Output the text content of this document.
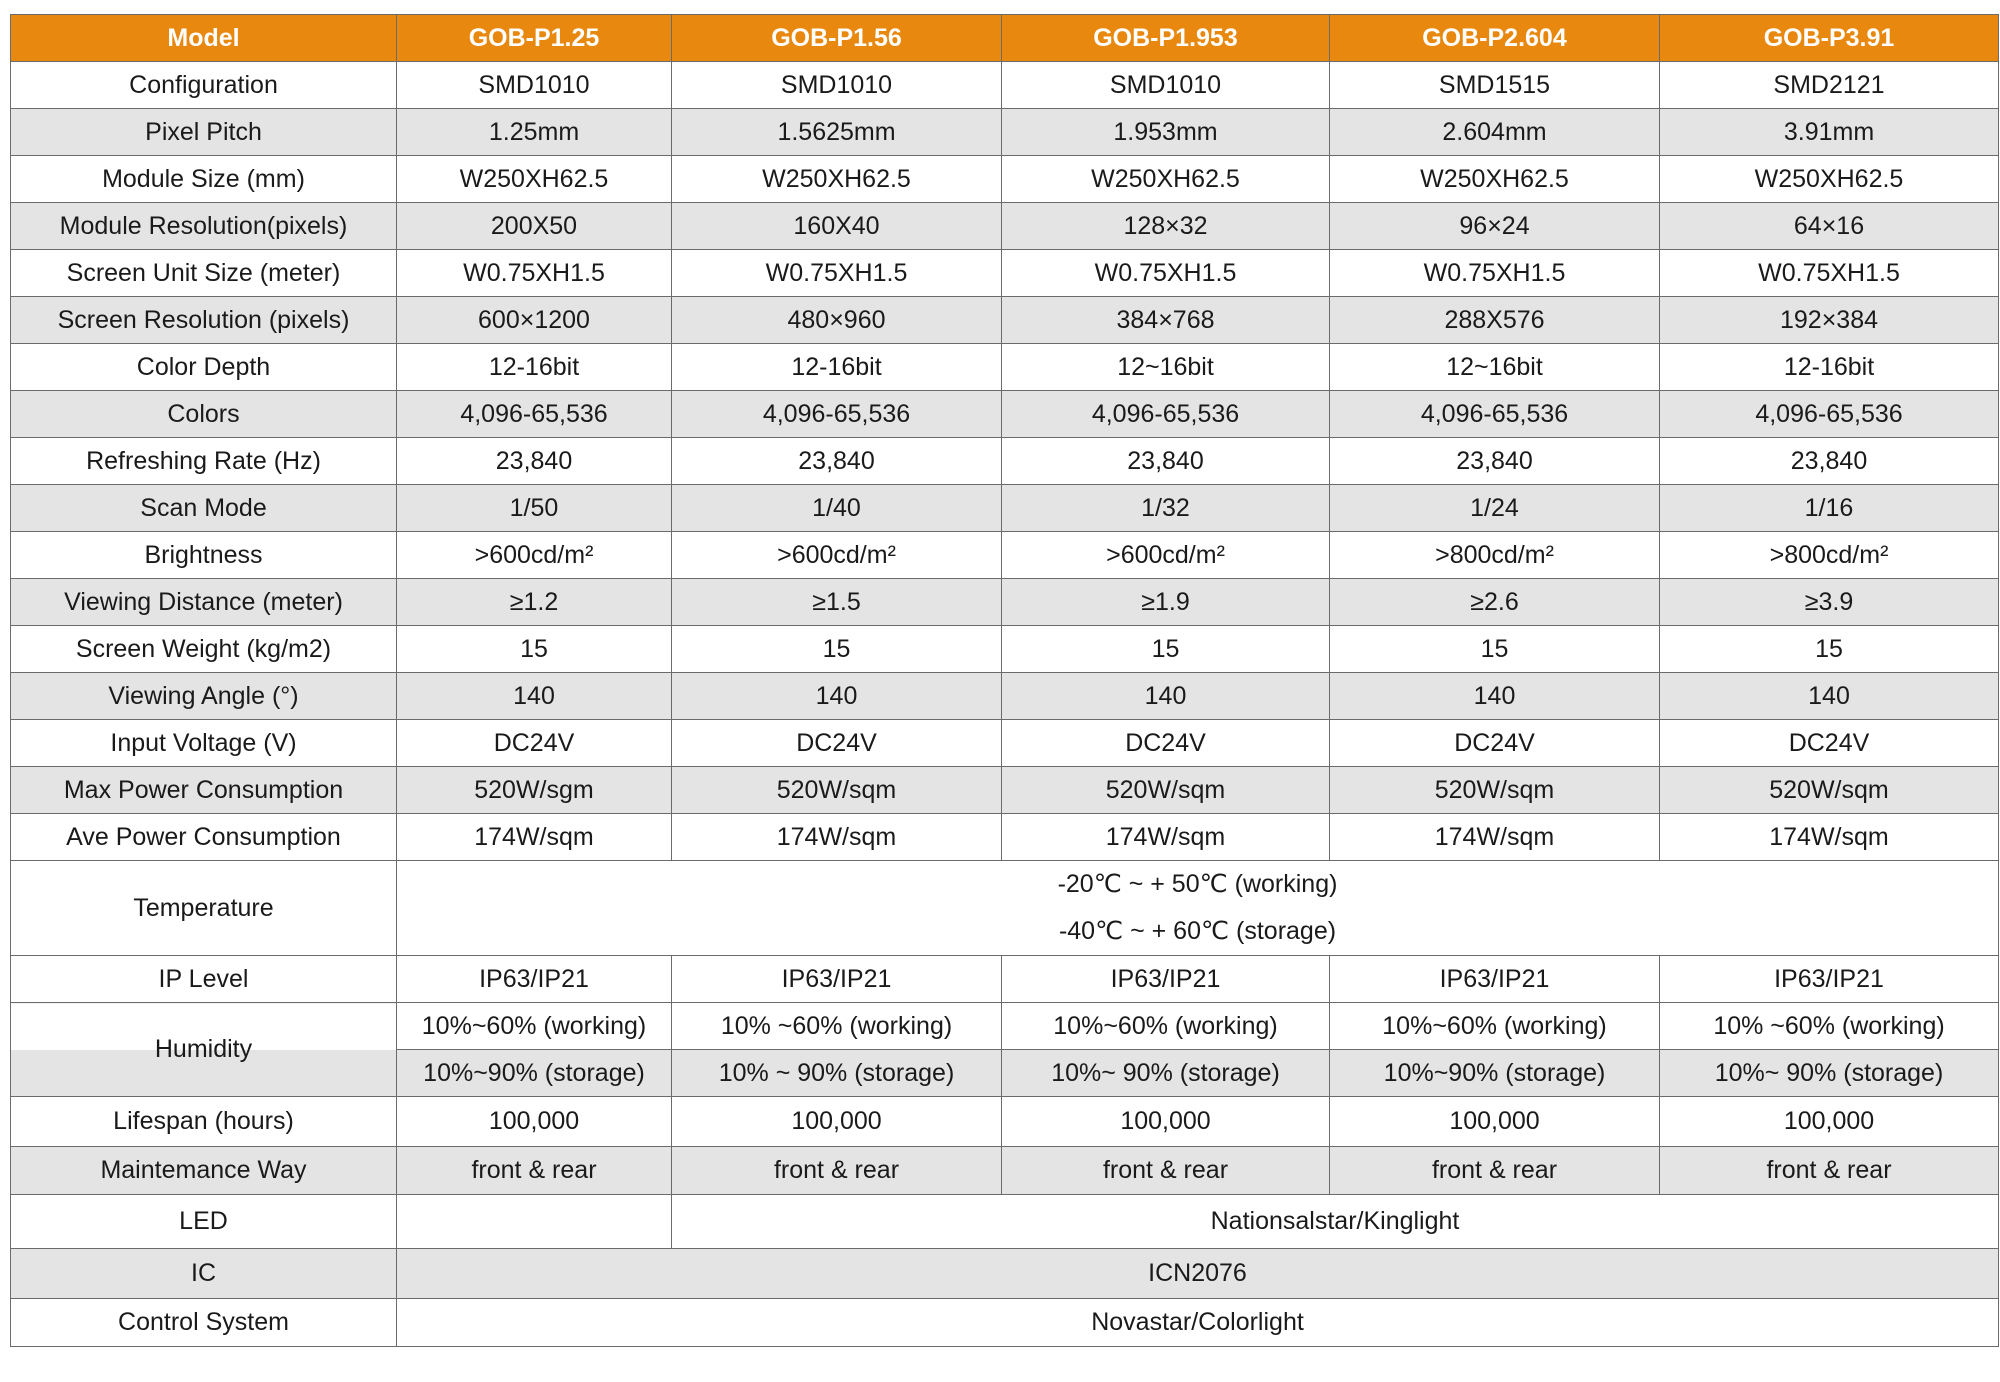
Model	GOB-P1.25	GOB-P1.56	GOB-P1.953	GOB-P2.604	GOB-P3.91
Configuration	SMD1010	SMD1010	SMD1010	SMD1515	SMD2121
Pixel Pitch	1.25mm	1.5625mm	1.953mm	2.604mm	3.91mm
Module Size (mm)	W250XH62.5	W250XH62.5	W250XH62.5	W250XH62.5	W250XH62.5
Module Resolution(pixels)	200X50	160X40	128×32	96×24	64×16
Screen Unit Size (meter)	W0.75XH1.5	W0.75XH1.5	W0.75XH1.5	W0.75XH1.5	W0.75XH1.5
Screen Resolution (pixels)	600×1200	480×960	384×768	288X576	192×384
Color Depth	12-16bit	12-16bit	12~16bit	12~16bit	12-16bit
Colors	4,096-65,536	4,096-65,536	4,096-65,536	4,096-65,536	4,096-65,536
Refreshing Rate (Hz)	23,840	23,840	23,840	23,840	23,840
Scan Mode	1/50	1/40	1/32	1/24	1/16
Brightness	>600cd/m²	>600cd/m²	>600cd/m²	>800cd/m²	>800cd/m²
Viewing Distance (meter)	≥1.2	≥1.5	≥1.9	≥2.6	≥3.9
Screen Weight (kg/m2)	15	15	15	15	15
Viewing Angle (°)	140	140	140	140	140
Input Voltage (V)	DC24V	DC24V	DC24V	DC24V	DC24V
Max Power Consumption	520W/sgm	520W/sqm	520W/sqm	520W/sqm	520W/sqm
Ave Power Consumption	174W/sqm	174W/sqm	174W/sqm	174W/sqm	174W/sqm
Temperature	-20℃ ~ + 50℃ (working)
-40℃ ~ + 60℃ (storage)				

IP Level	IP63/IP21	IP63/IP21	IP63/IP21	IP63/IP21	IP63/IP21
Humidity	10%~60% (working)	10% ~60% (working)	10%~60% (working)	10%~60% (working)	10% ~60% (working)
	10%~90% (storage)	10% ~ 90% (storage)	10%~ 90% (storage)	10%~90% (storage)	10%~ 90% (storage)
Lifespan (hours)	100,000	100,000	100,000	100,000	100,000
Maintemance Way	front & rear	front & rear	front & rear	front & rear	front & rear
LED		Nationsalstar/Kinglight			
IC	ICN2076				
Control System	Novastar/Colorlight				
